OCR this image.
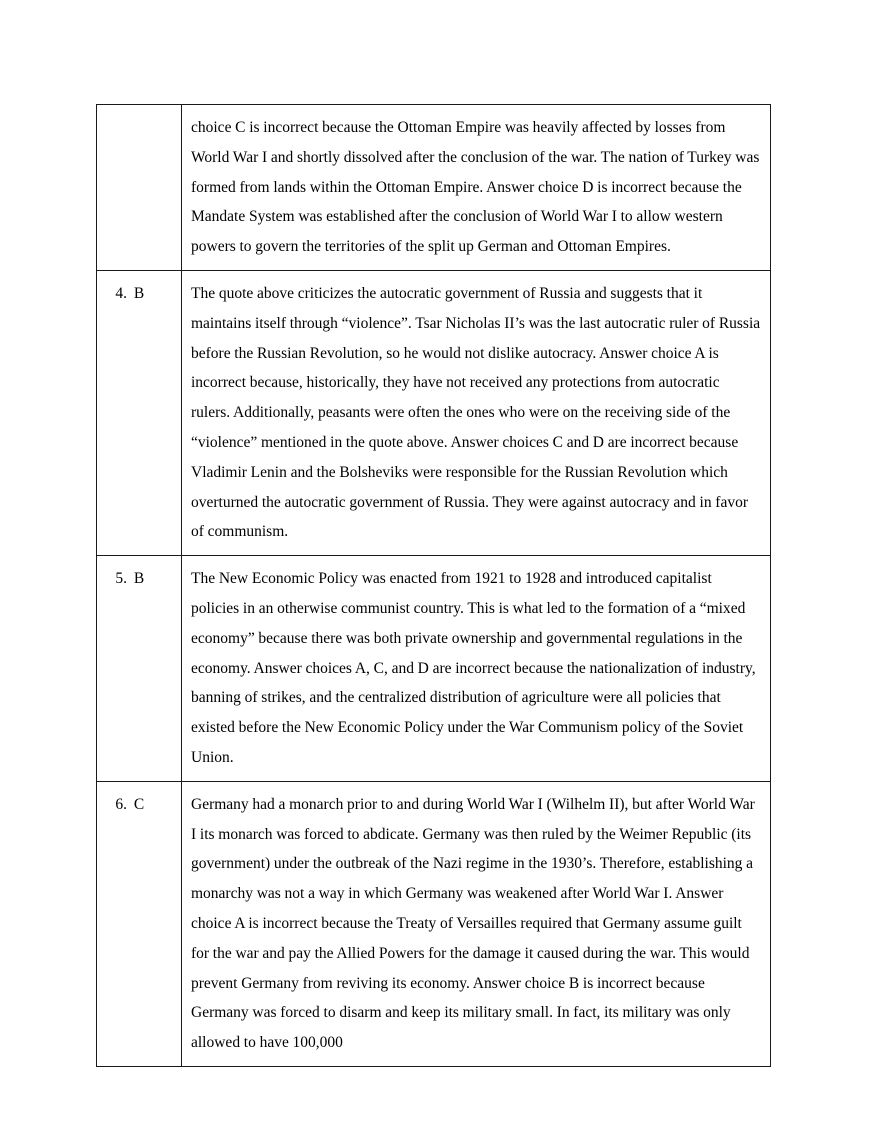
	choice C is incorrect because the Ottoman Empire was heavily affected by losses from World War I and shortly dissolved after the conclusion of the war. The nation of Turkey was formed from lands within the Ottoman Empire. Answer choice D is incorrect because the Mandate System was established after the conclusion of World War I to allow western powers to govern the territories of the split up German and Ottoman Empires.

4. B	The quote above criticizes the autocratic government of Russia and suggests that it maintains itself through “violence”. Tsar Nicholas II’s was the last autocratic ruler of Russia before the Russian Revolution, so he would not dislike autocracy. Answer choice A is incorrect because, historically, they have not received any protections from autocratic rulers. Additionally, peasants were often the ones who were on the receiving side of the “violence” mentioned in the quote above. Answer choices C and D are incorrect because Vladimir Lenin and the Bolsheviks were responsible for the Russian Revolution which overturned the autocratic government of Russia. They were against autocracy and in favor of communism.

5. B	The New Economic Policy was enacted from 1921 to 1928 and introduced capitalist policies in an otherwise communist country. This is what led to the formation of a “mixed economy” because there was both private ownership and governmental regulations in the economy. Answer choices A, C, and D are incorrect because the nationalization of industry, banning of strikes, and the centralized distribution of agriculture were all policies that existed before the New Economic Policy under the War Communism policy of the Soviet Union.

6. C	Germany had a monarch prior to and during World War I (Wilhelm II), but after World War I its monarch was forced to abdicate. Germany was then ruled by the Weimer Republic (its government) under the outbreak of the Nazi regime in the 1930’s. Therefore, establishing a monarchy was not a way in which Germany was weakened after World War I. Answer choice A is incorrect because the Treaty of Versailles required that Germany assume guilt for the war and pay the Allied Powers for the damage it caused during the war. This would prevent Germany from reviving its economy. Answer choice B is incorrect because Germany was forced to disarm and keep its military small. In fact, its military was only allowed to have 100,000
